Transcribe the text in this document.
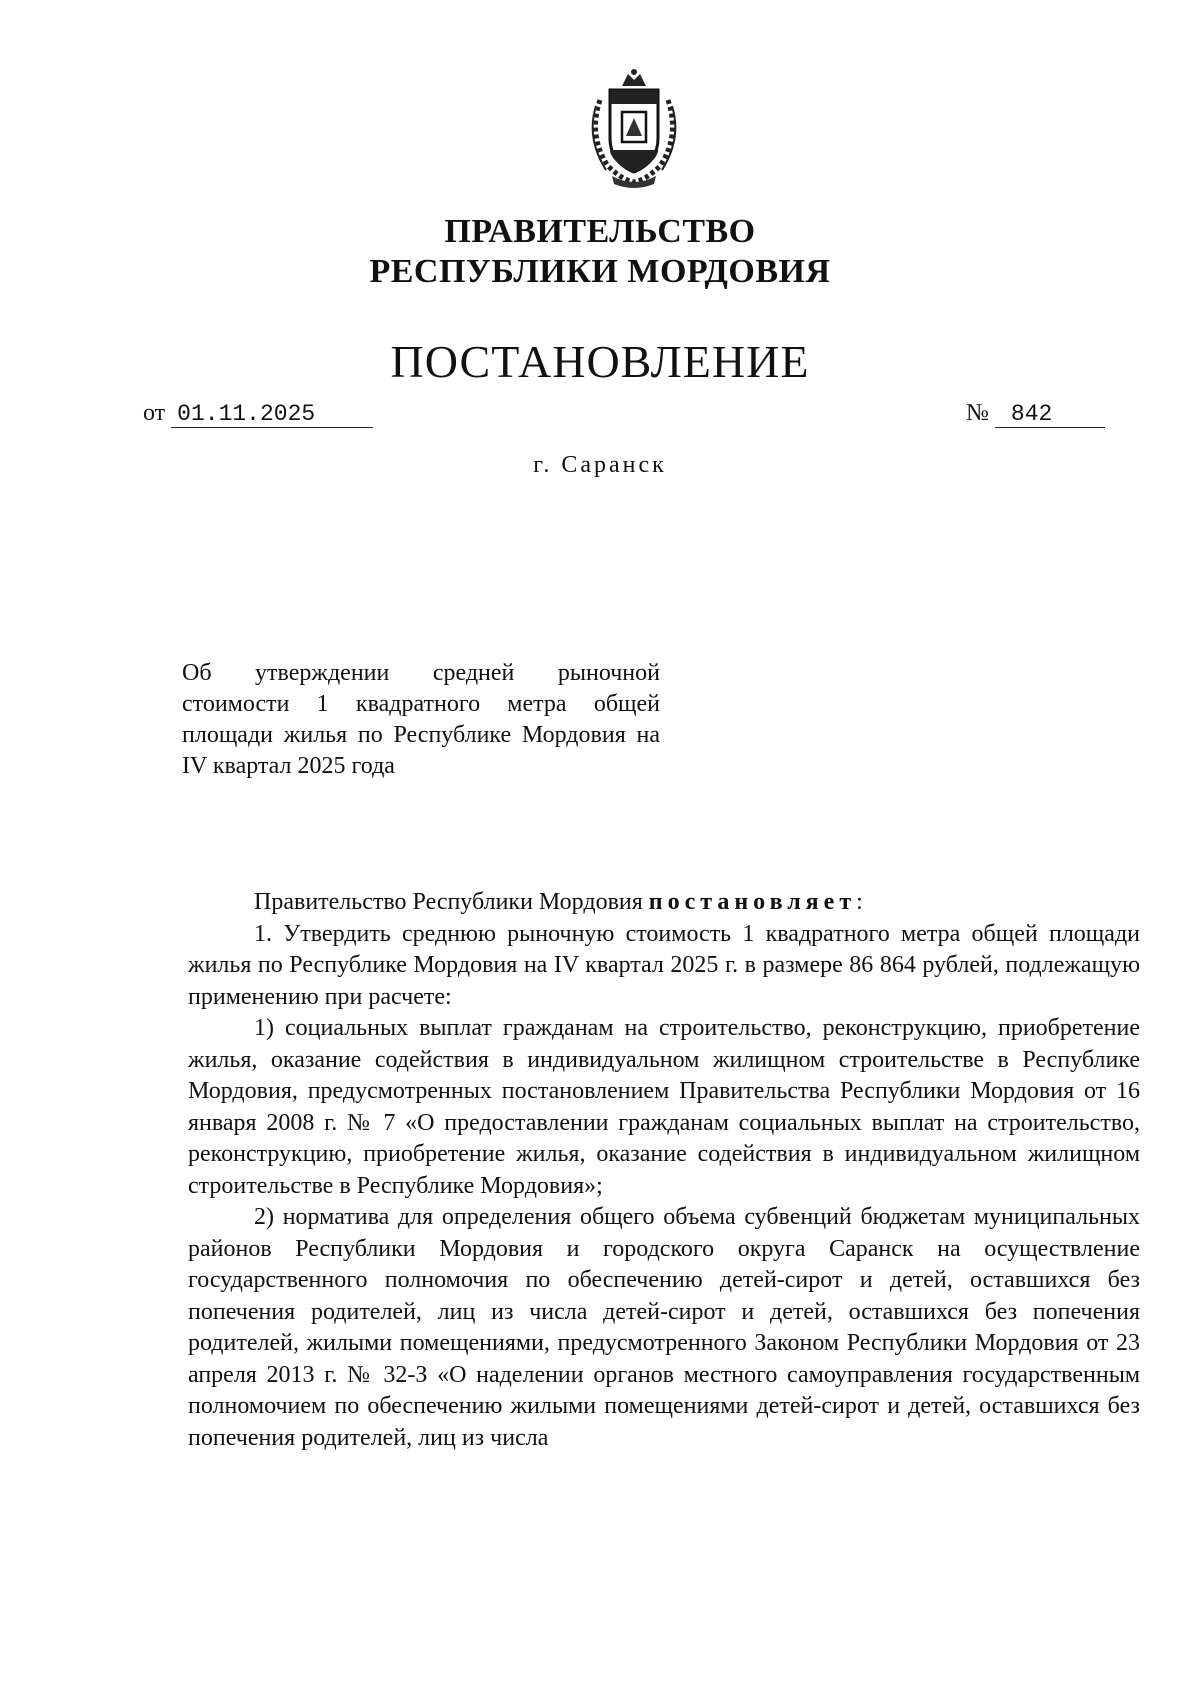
ПРАВИТЕЛЬСТВО
РЕСПУБЛИКИ МОРДОВИЯ
ПОСТАНОВЛЕНИЕ
от 01.11.2025	№ 842
г. Саранск
Об утверждении средней рыночной стоимости 1 квадратного метра общей площади жилья по Республике Мордовия на IV квартал 2025 года

Правительство Республики Мордовия постановляет:

1. Утвердить среднюю рыночную стоимость 1 квадратного метра общей площади жилья по Республике Мордовия на IV квартал 2025 г. в размере 86 864 рублей, подлежащую применению при расчете:

1) социальных выплат гражданам на строительство, реконструкцию, приобретение жилья, оказание содействия в индивидуальном жилищном строительстве в Республике Мордовия, предусмотренных постановлением Правительства Республики Мордовия от 16 января 2008 г. № 7 «О предоставлении гражданам социальных выплат на строительство, реконструкцию, приобретение жилья, оказание содействия в индивидуальном жилищном строительстве в Республике Мордовия»;

2) норматива для определения общего объема субвенций бюджетам муниципальных районов Республики Мордовия и городского округа Саранск на осуществление государственного полномочия по обеспечению детей-сирот и детей, оставшихся без попечения родителей, лиц из числа детей-сирот и детей, оставшихся без попечения родителей, жилыми помещениями, предусмотренного Законом Республики Мордовия от 23 апреля 2013 г. № 32-З «О наделении органов местного самоуправления государственным полномочием по обеспечению жилыми помещениями детей-сирот и детей, оставшихся без попечения родителей, лиц из числа
